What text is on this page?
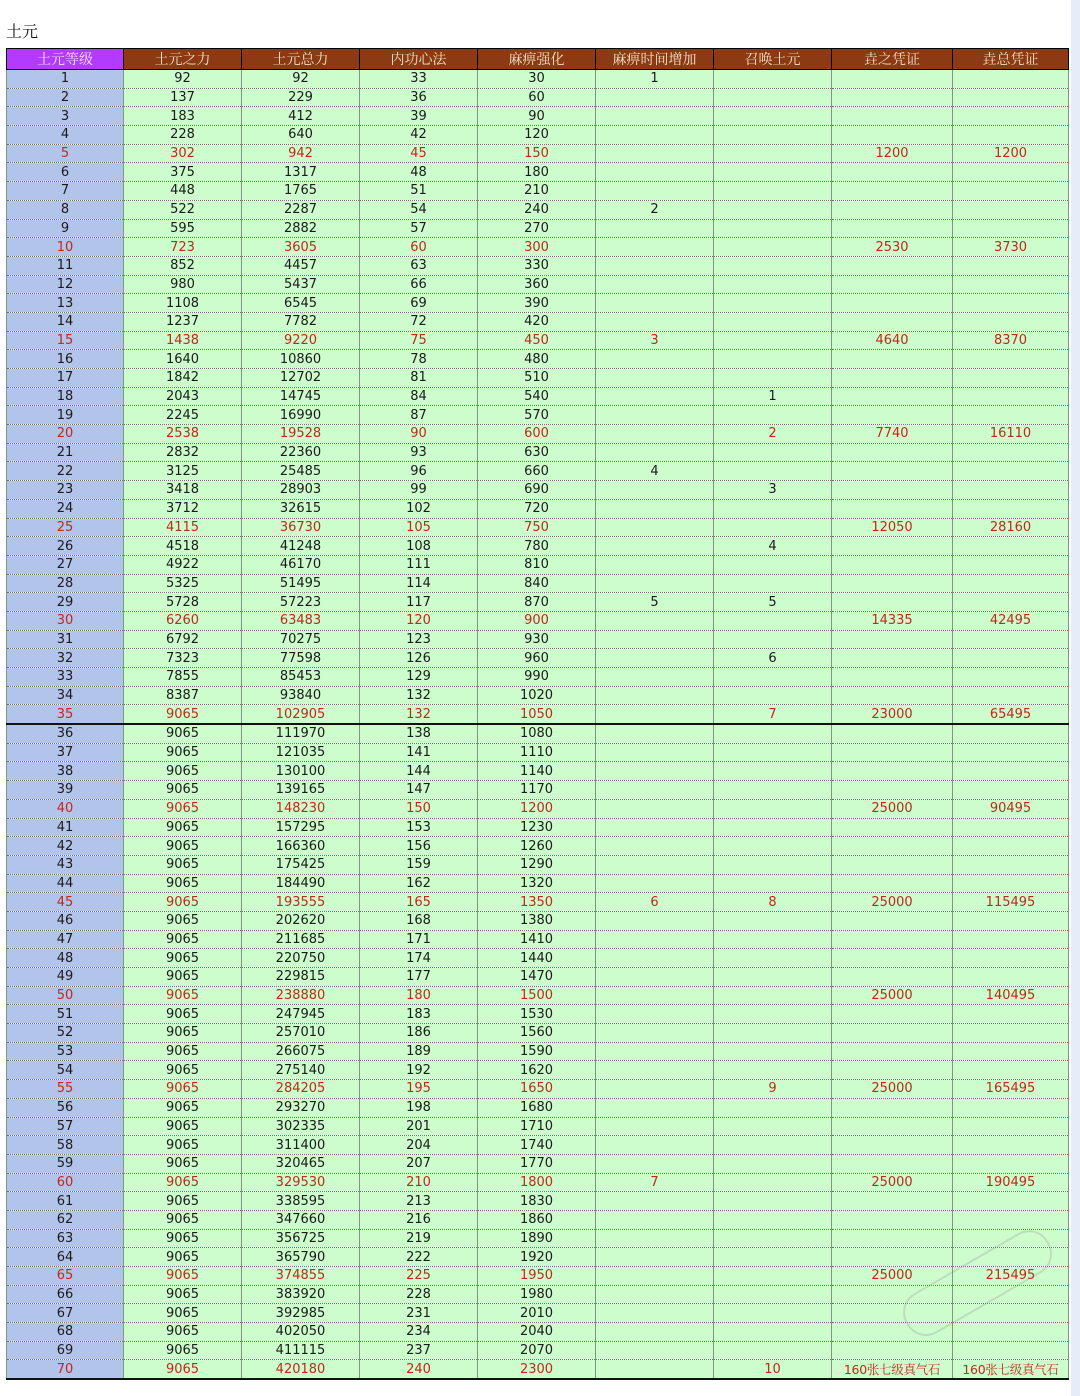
土元
土元等级	土元之力	土元总力	内功心法	麻痹强化	麻痹时间增加	召唤土元	垚之凭证	垚总凭证
1	92	92	33	30	1			
2	137	229	36	60				
3	183	412	39	90				
4	228	640	42	120				
5	302	942	45	150			1200	1200
6	375	1317	48	180				
7	448	1765	51	210				
8	522	2287	54	240	2			
9	595	2882	57	270				
10	723	3605	60	300			2530	3730
11	852	4457	63	330				
12	980	5437	66	360				
13	1108	6545	69	390				
14	1237	7782	72	420				
15	1438	9220	75	450	3		4640	8370
16	1640	10860	78	480				
17	1842	12702	81	510				
18	2043	14745	84	540		1		
19	2245	16990	87	570				
20	2538	19528	90	600		2	7740	16110
21	2832	22360	93	630				
22	3125	25485	96	660	4			
23	3418	28903	99	690		3		
24	3712	32615	102	720				
25	4115	36730	105	750			12050	28160
26	4518	41248	108	780		4		
27	4922	46170	111	810				
28	5325	51495	114	840				
29	5728	57223	117	870	5	5		
30	6260	63483	120	900			14335	42495
31	6792	70275	123	930				
32	7323	77598	126	960		6		
33	7855	85453	129	990				
34	8387	93840	132	1020				
35	9065	102905	132	1050		7	23000	65495
36	9065	111970	138	1080				
37	9065	121035	141	1110				
38	9065	130100	144	1140				
39	9065	139165	147	1170				
40	9065	148230	150	1200			25000	90495
41	9065	157295	153	1230				
42	9065	166360	156	1260				
43	9065	175425	159	1290				
44	9065	184490	162	1320				
45	9065	193555	165	1350	6	8	25000	115495
46	9065	202620	168	1380				
47	9065	211685	171	1410				
48	9065	220750	174	1440				
49	9065	229815	177	1470				
50	9065	238880	180	1500			25000	140495
51	9065	247945	183	1530				
52	9065	257010	186	1560				
53	9065	266075	189	1590				
54	9065	275140	192	1620				
55	9065	284205	195	1650		9	25000	165495
56	9065	293270	198	1680				
57	9065	302335	201	1710				
58	9065	311400	204	1740				
59	9065	320465	207	1770				
60	9065	329530	210	1800	7		25000	190495
61	9065	338595	213	1830				
62	9065	347660	216	1860				
63	9065	356725	219	1890				
64	9065	365790	222	1920				
65	9065	374855	225	1950			25000	215495
66	9065	383920	228	1980				
67	9065	392985	231	2010				
68	9065	402050	234	2040				
69	9065	411115	237	2070				
70	9065	420180	240	2300		10	160张七级真气石	160张七级真气石
